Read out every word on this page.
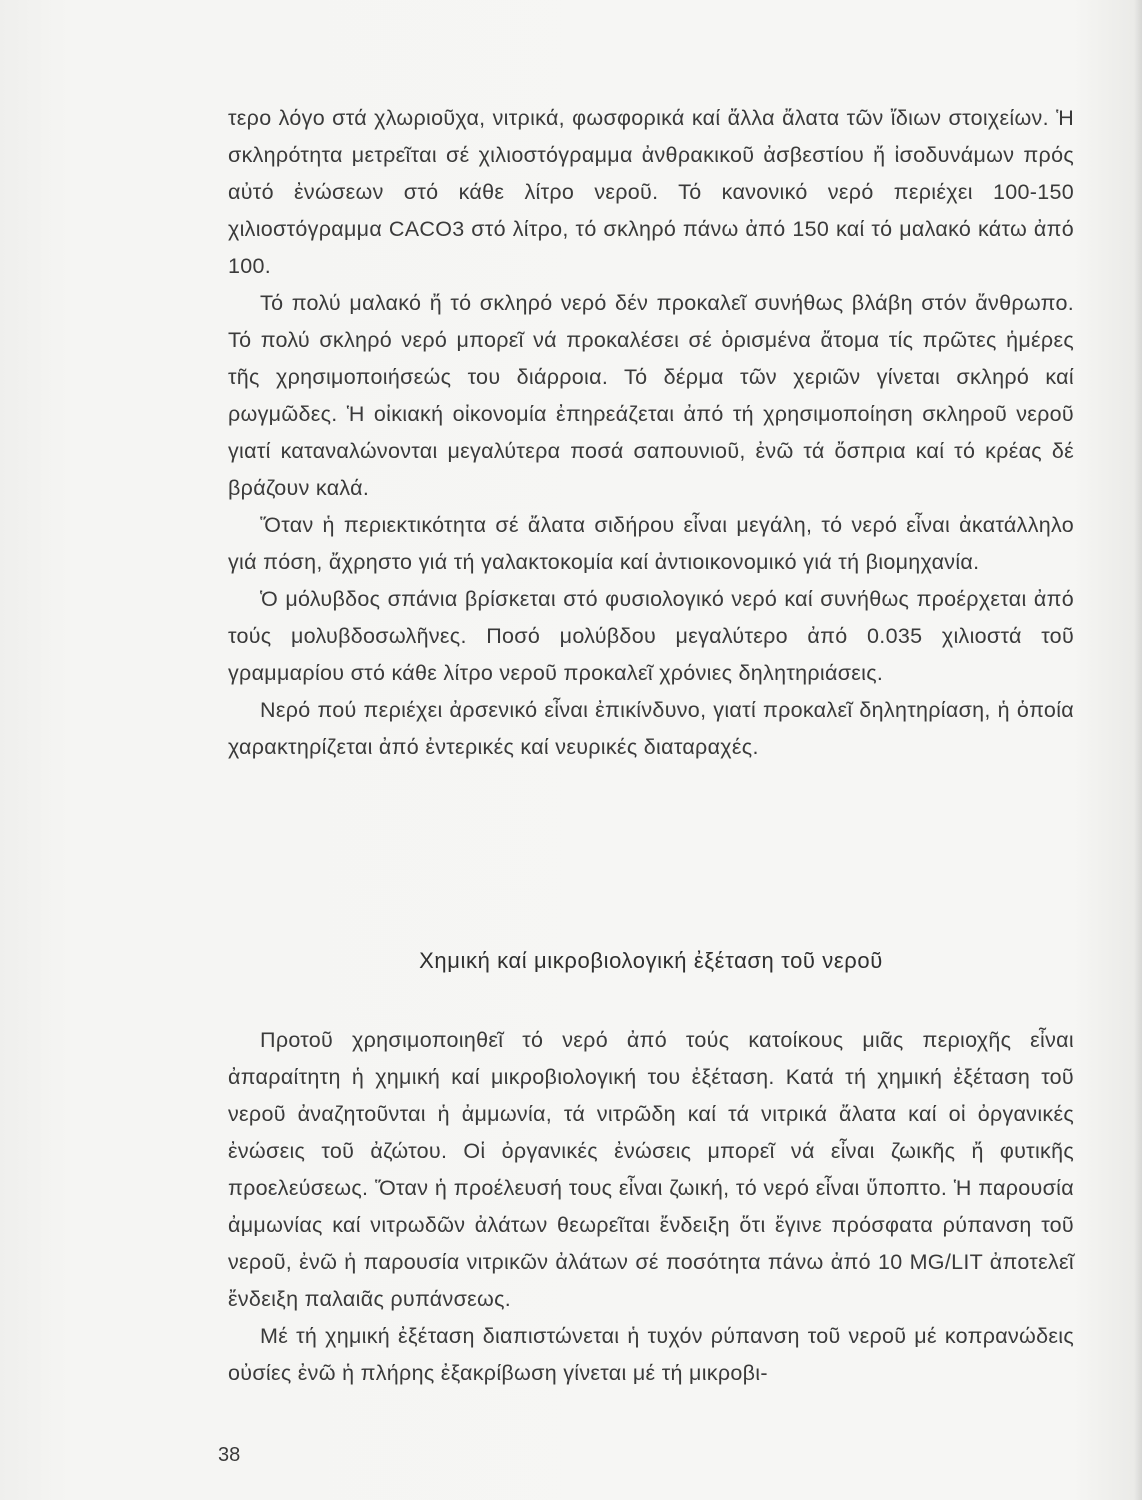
τερο λόγο στά χλωριοῦχα, νιτρικά, φωσφορικά καί ἄλλα ἄλατα τῶν ἴδιων στοιχείων. Ἡ σκληρότητα μετρεῖται σέ χιλιοστόγραμμα ἀνθρακικοῦ ἀσβεστίου ἤ ἰσοδυνάμων πρός αὐτό ἐνώσεων στό κάθε λίτρο νεροῦ. Τό κανονικό νερό περιέχει 100-150 χιλιοστόγραμμα CACO3 στό λίτρο, τό σκληρό πάνω ἀπό 150 καί τό μαλακό κάτω ἀπό 100.

Τό πολύ μαλακό ἤ τό σκληρό νερό δέν προκαλεῖ συνήθως βλάβη στόν ἄνθρωπο. Τό πολύ σκληρό νερό μπορεῖ νά προκαλέσει σέ ὁρισμένα ἄτομα τίς πρῶτες ἡμέρες τῆς χρησιμοποιήσεώς του διάρροια. Τό δέρμα τῶν χεριῶν γίνεται σκληρό καί ρωγμῶδες. Ἡ οἰκιακή οἰκονομία ἐπηρεάζεται ἀπό τή χρησιμοποίηση σκληροῦ νεροῦ γιατί καταναλώνονται μεγαλύτερα ποσά σαπουνιοῦ, ἐνῶ τά ὄσπρια καί τό κρέας δέ βράζουν καλά.

Ὅταν ἡ περιεκτικότητα σέ ἄλατα σιδήρου εἶναι μεγάλη, τό νερό εἶναι ἀκατάλληλο γιά πόση, ἄχρηστο γιά τή γαλακτοκομία καί ἀντιοικονομικό γιά τή βιομηχανία.

Ὁ μόλυβδος σπάνια βρίσκεται στό φυσιολογικό νερό καί συνήθως προέρχεται ἀπό τούς μολυβδοσωλῆνες. Ποσό μολύβδου μεγαλύτερο ἀπό 0.035 χιλιοστά τοῦ γραμμαρίου στό κάθε λίτρο νεροῦ προκαλεῖ χρόνιες δηλητηριάσεις.

Νερό πού περιέχει ἀρσενικό εἶναι ἐπικίνδυνο, γιατί προκαλεῖ δηλητηρίαση, ἡ ὁποία χαρακτηρίζεται ἀπό ἐντερικές καί νευρικές διαταραχές.

Χημική καί μικροβιολογική ἐξέταση τοῦ νεροῦ

Προτοῦ χρησιμοποιηθεῖ τό νερό ἀπό τούς κατοίκους μιᾶς περιοχῆς εἶναι ἀπαραίτητη ἡ χημική καί μικροβιολογική του ἐξέταση. Κατά τή χημική ἐξέταση τοῦ νεροῦ ἀναζητοῦνται ἡ ἀμμωνία, τά νιτρῶδη καί τά νιτρικά ἄλατα καί οἱ ὀργανικές ἐνώσεις τοῦ ἀζώτου. Οἱ ὀργανικές ἐνώσεις μπορεῖ νά εἶναι ζωικῆς ἤ φυτικῆς προελεύσεως. Ὅταν ἡ προέλευσή τους εἶναι ζωική, τό νερό εἶναι ὕποπτο. Ἡ παρουσία ἀμμωνίας καί νιτρωδῶν ἀλάτων θεωρεῖται ἔνδειξη ὅτι ἔγινε πρόσφατα ρύπανση τοῦ νεροῦ, ἐνῶ ἡ παρουσία νιτρικῶν ἀλάτων σέ ποσότητα πάνω ἀπό 10 MG/LIT ἀποτελεῖ ἔνδειξη παλαιᾶς ρυπάνσεως.

Μέ τή χημική ἐξέταση διαπιστώνεται ἡ τυχόν ρύπανση τοῦ νεροῦ μέ κοπρανώδεις οὐσίες ἐνῶ ἡ πλήρης ἐξακρίβωση γίνεται μέ τή μικροβι-

38
